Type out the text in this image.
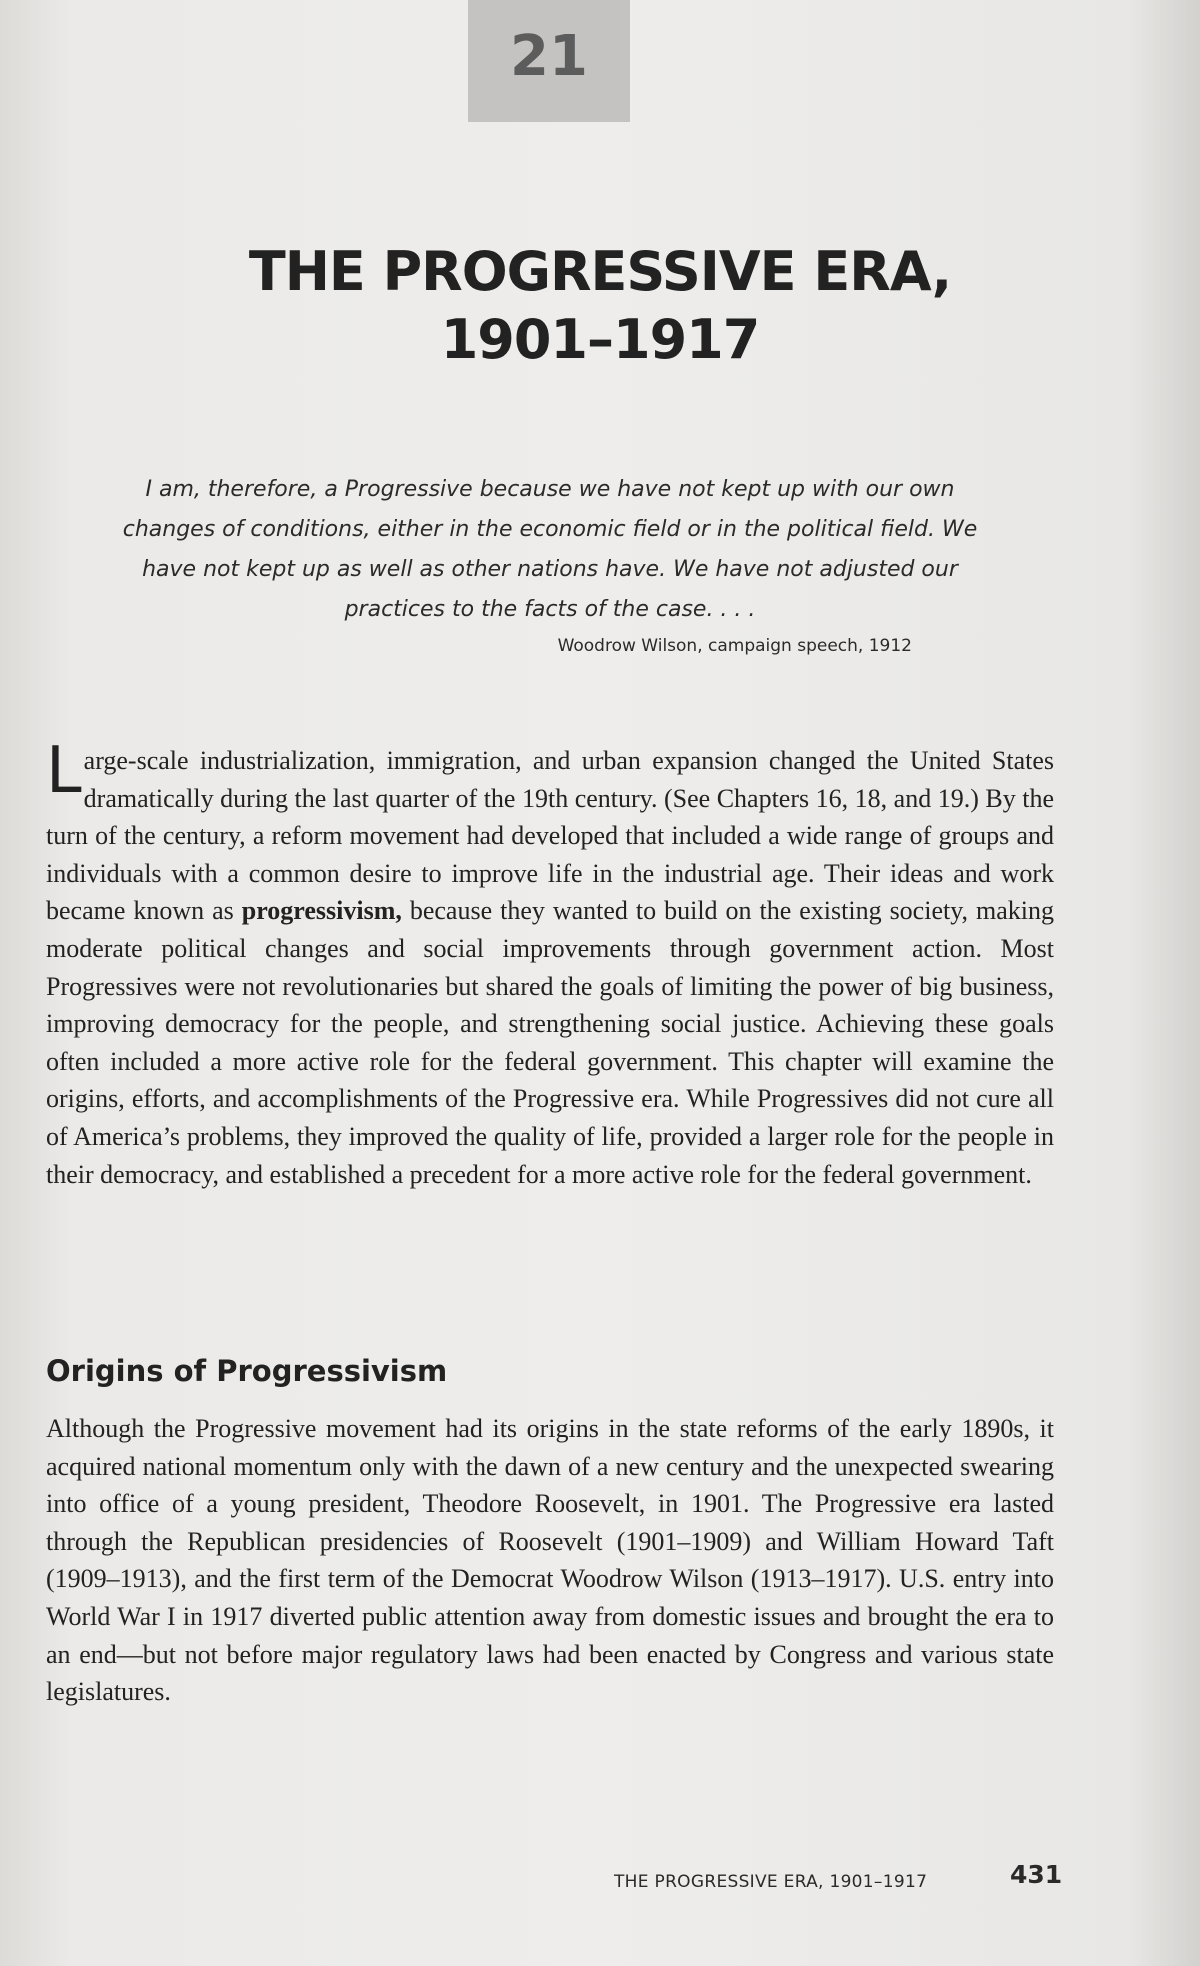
21
THE PROGRESSIVE ERA,
1901–1917
I am, therefore, a Progressive because we have not kept up with our own changes of conditions, either in the economic field or in the political field. We have not kept up as well as other nations have. We have not adjusted our practices to the facts of the case. . . .
Woodrow Wilson, campaign speech, 1912

Large-scale industrialization, immigration, and urban expansion changed the United States dramatically during the last quarter of the 19th century. (See Chapters 16, 18, and 19.) By the turn of the century, a reform movement had developed that included a wide range of groups and individuals with a common desire to improve life in the industrial age. Their ideas and work became known as progressivism, because they wanted to build on the existing society, making moderate political changes and social improvements through government action. Most Progressives were not revolutionaries but shared the goals of limiting the power of big business, improving democracy for the people, and strengthening social justice. Achieving these goals often included a more active role for the federal government. This chapter will examine the origins, efforts, and accomplishments of the Progressive era. While Progressives did not cure all of America’s problems, they improved the quality of life, provided a larger role for the people in their democracy, and established a precedent for a more active role for the federal government.

Origins of Progressivism

Although the Progressive movement had its origins in the state reforms of the early 1890s, it acquired national momentum only with the dawn of a new century and the unexpected swearing into office of a young president, Theodore Roosevelt, in 1901. The Progressive era lasted through the Republican presidencies of Roosevelt (1901–1909) and William Howard Taft (1909–1913), and the first term of the Democrat Woodrow Wilson (1913–1917). U.S. entry into World War I in 1917 diverted public attention away from domestic issues and brought the era to an end—but not before major regulatory laws had been enacted by Congress and various state legislatures.

THE PROGRESSIVE ERA, 1901–1917	431
